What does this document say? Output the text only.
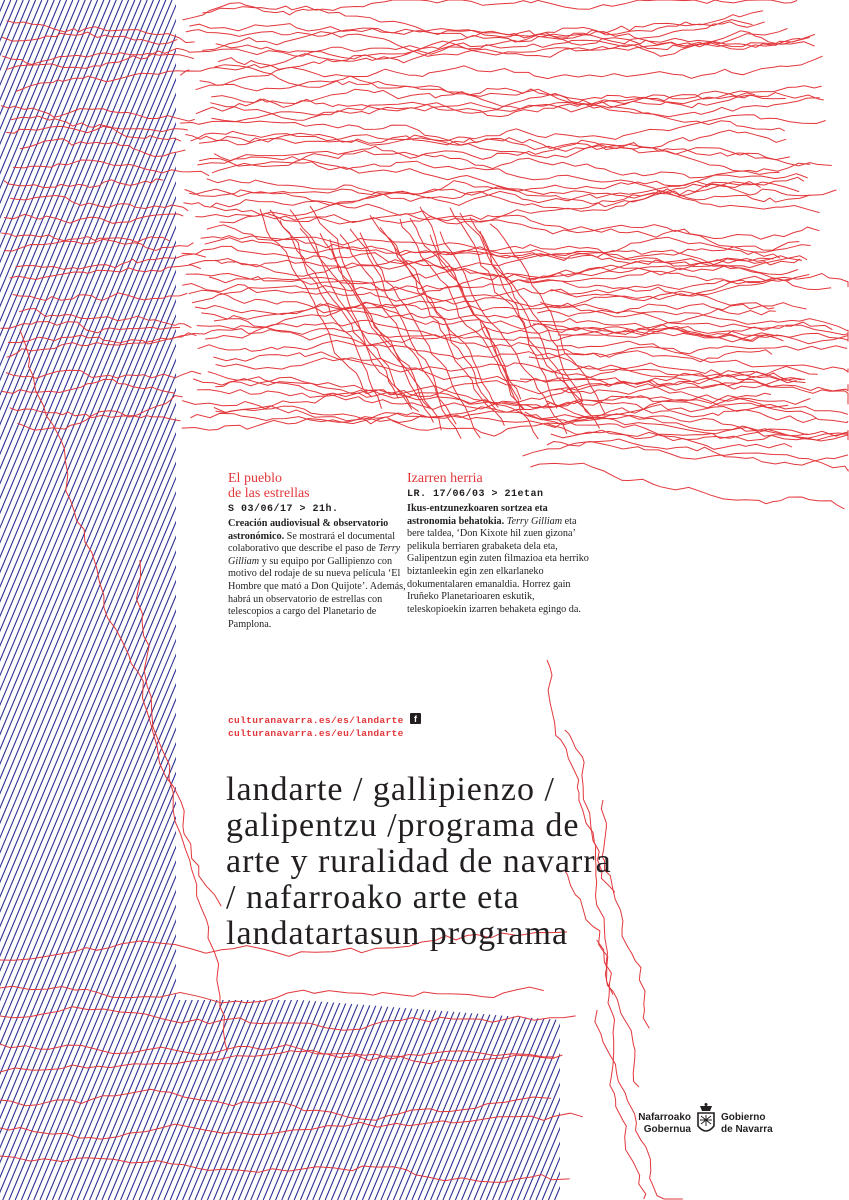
El pueblo
de las estrellas
S 03/06/17 > 21h.

Creación audiovisual & observatorio astronómico. Se mostrará el documental colaborativo que describe el paso de Terry Gilliam y su equipo por Gallipienzo con motivo del rodaje de su nueva película ‘El Hombre que mató a Don Quijote’. Además, habrá un observatorio de estrellas con telescopios a cargo del Planetario de Pamplona.

Izarren herria
LR. 17/06/03 > 21etan

Ikus-entzunezkoaren sortzea eta astronomia behatokia. Terry Gilliam eta bere taldea, ‘Don Kixote hil zuen gizona’ pelikula berriaren grabaketa dela eta, Galipentzun egin zuten filmazioa eta herriko biztanleekin egin zen elkarlaneko dokumentalaren emanaldia. Horrez gain Iruñeko Planetarioaren eskutik, teleskopioekin izarren behaketa egingo da.

culturanavarra.es/es/landarte
culturanavarra.es/eu/landarte
f
landarte / gallipienzo / galipentzu /programa de arte y ruralidad de navarra / nafarroako arte eta landatartasun programa
Nafarroako
Gobernua
Gobierno
de Navarra
